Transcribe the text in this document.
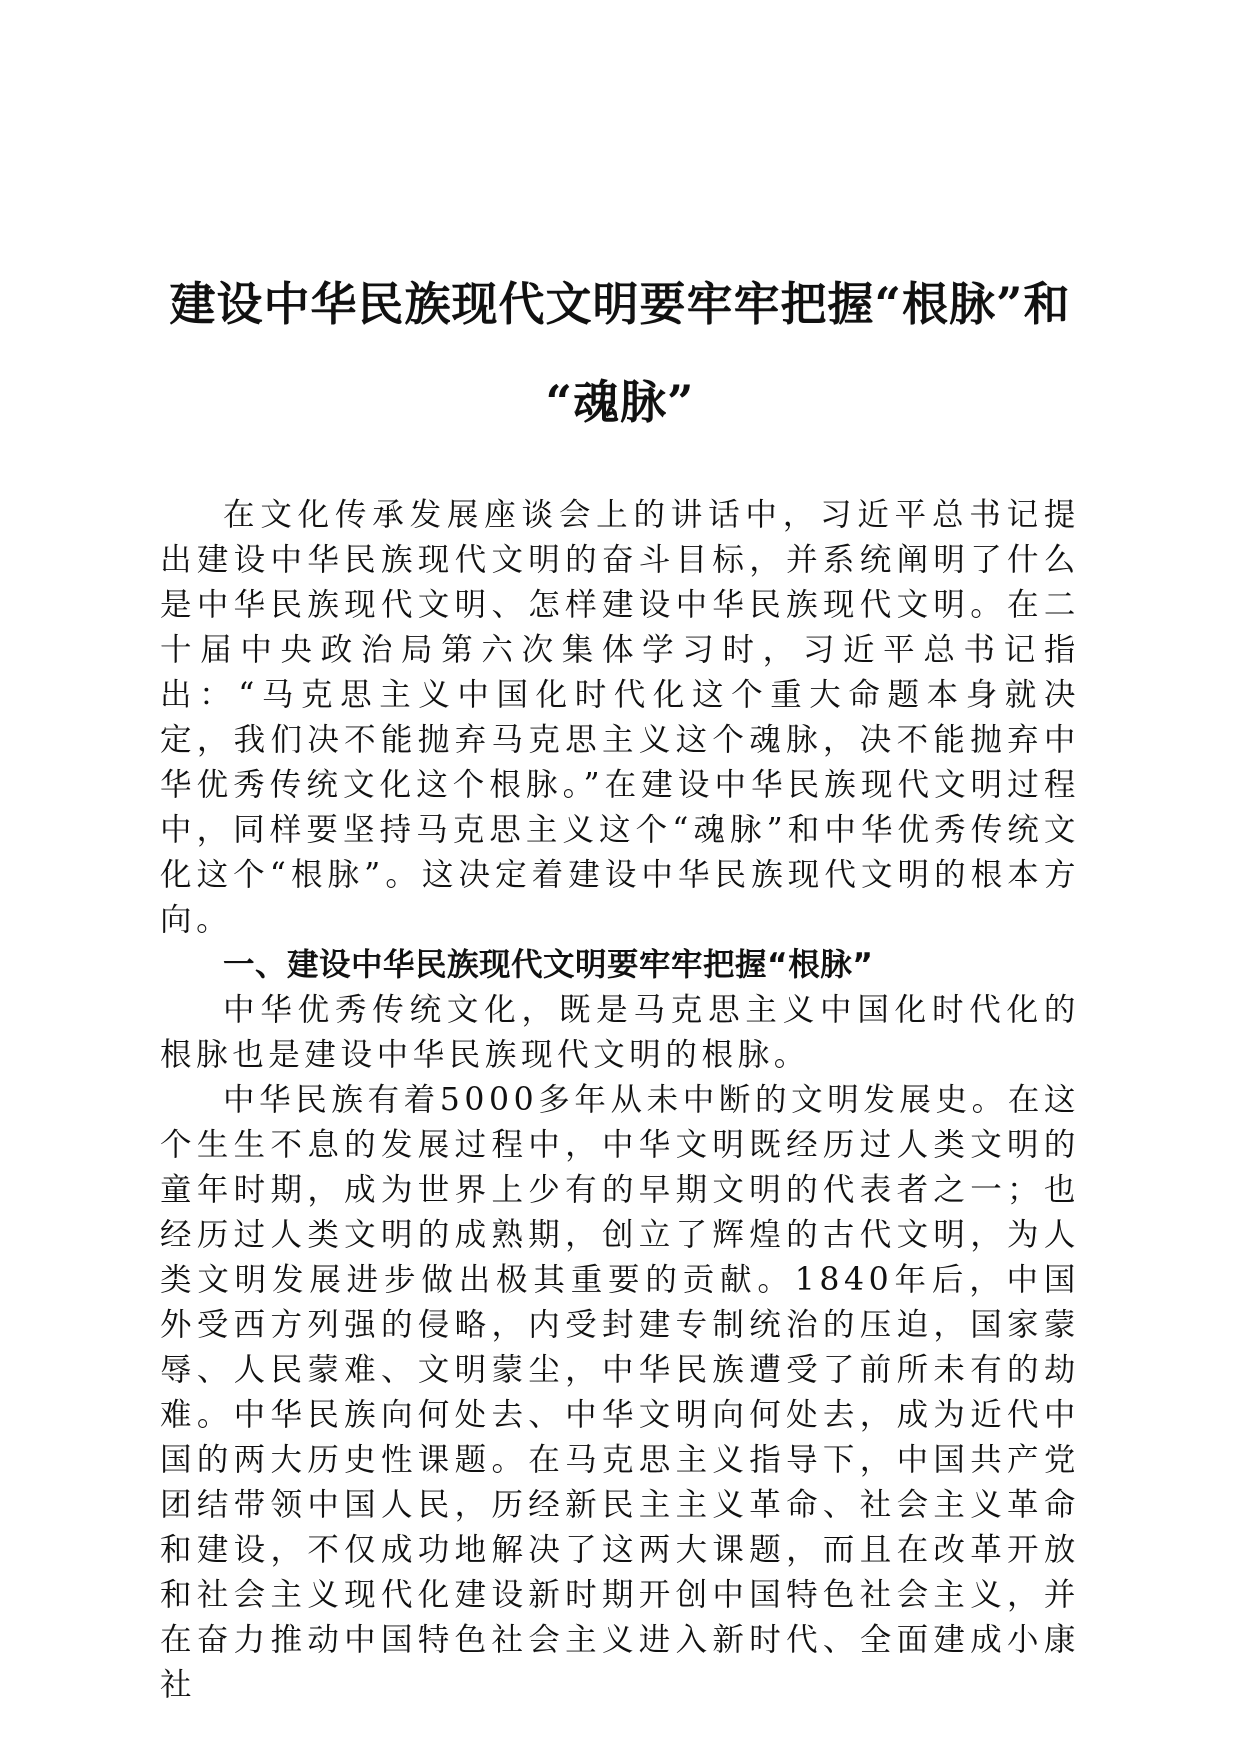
建设中华民族现代文明要牢牢把握“根脉”和
“魂脉”

在文化传承发展座谈会上的讲话中，习近平总书记提出建设中华民族现代文明的奋斗目标，并系统阐明了什么是中华民族现代文明、怎样建设中华民族现代文明。在二十届中央政治局第六次集体学习时，习近平总书记指出：“马克思主义中国化时代化这个重大命题本身就决定，我们决不能抛弃马克思主义这个魂脉，决不能抛弃中华优秀传统文化这个根脉。”在建设中华民族现代文明过程中，同样要坚持马克思主义这个“魂脉”和中华优秀传统文化这个“根脉”。这决定着建设中华民族现代文明的根本方向。

一、建设中华民族现代文明要牢牢把握“根脉”

中华优秀传统文化，既是马克思主义中国化时代化的根脉也是建设中华民族现代文明的根脉。

中华民族有着5000多年从未中断的文明发展史。在这个生生不息的发展过程中，中华文明既经历过人类文明的童年时期，成为世界上少有的早期文明的代表者之一；也经历过人类文明的成熟期，创立了辉煌的古代文明，为人类文明发展进步做出极其重要的贡献。1840年后，中国外受西方列强的侵略，内受封建专制统治的压迫，国家蒙辱、人民蒙难、文明蒙尘，中华民族遭受了前所未有的劫难。中华民族向何处去、中华文明向何处去，成为近代中国的两大历史性课题。在马克思主义指导下，中国共产党团结带领中国人民，历经新民主主义革命、社会主义革命和建设，不仅成功地解决了这两大课题，而且在改革开放和社会主义现代化建设新时期开创中国特色社会主义，并在奋力推动中国特色社会主义进入新时代、全面建成小康社
